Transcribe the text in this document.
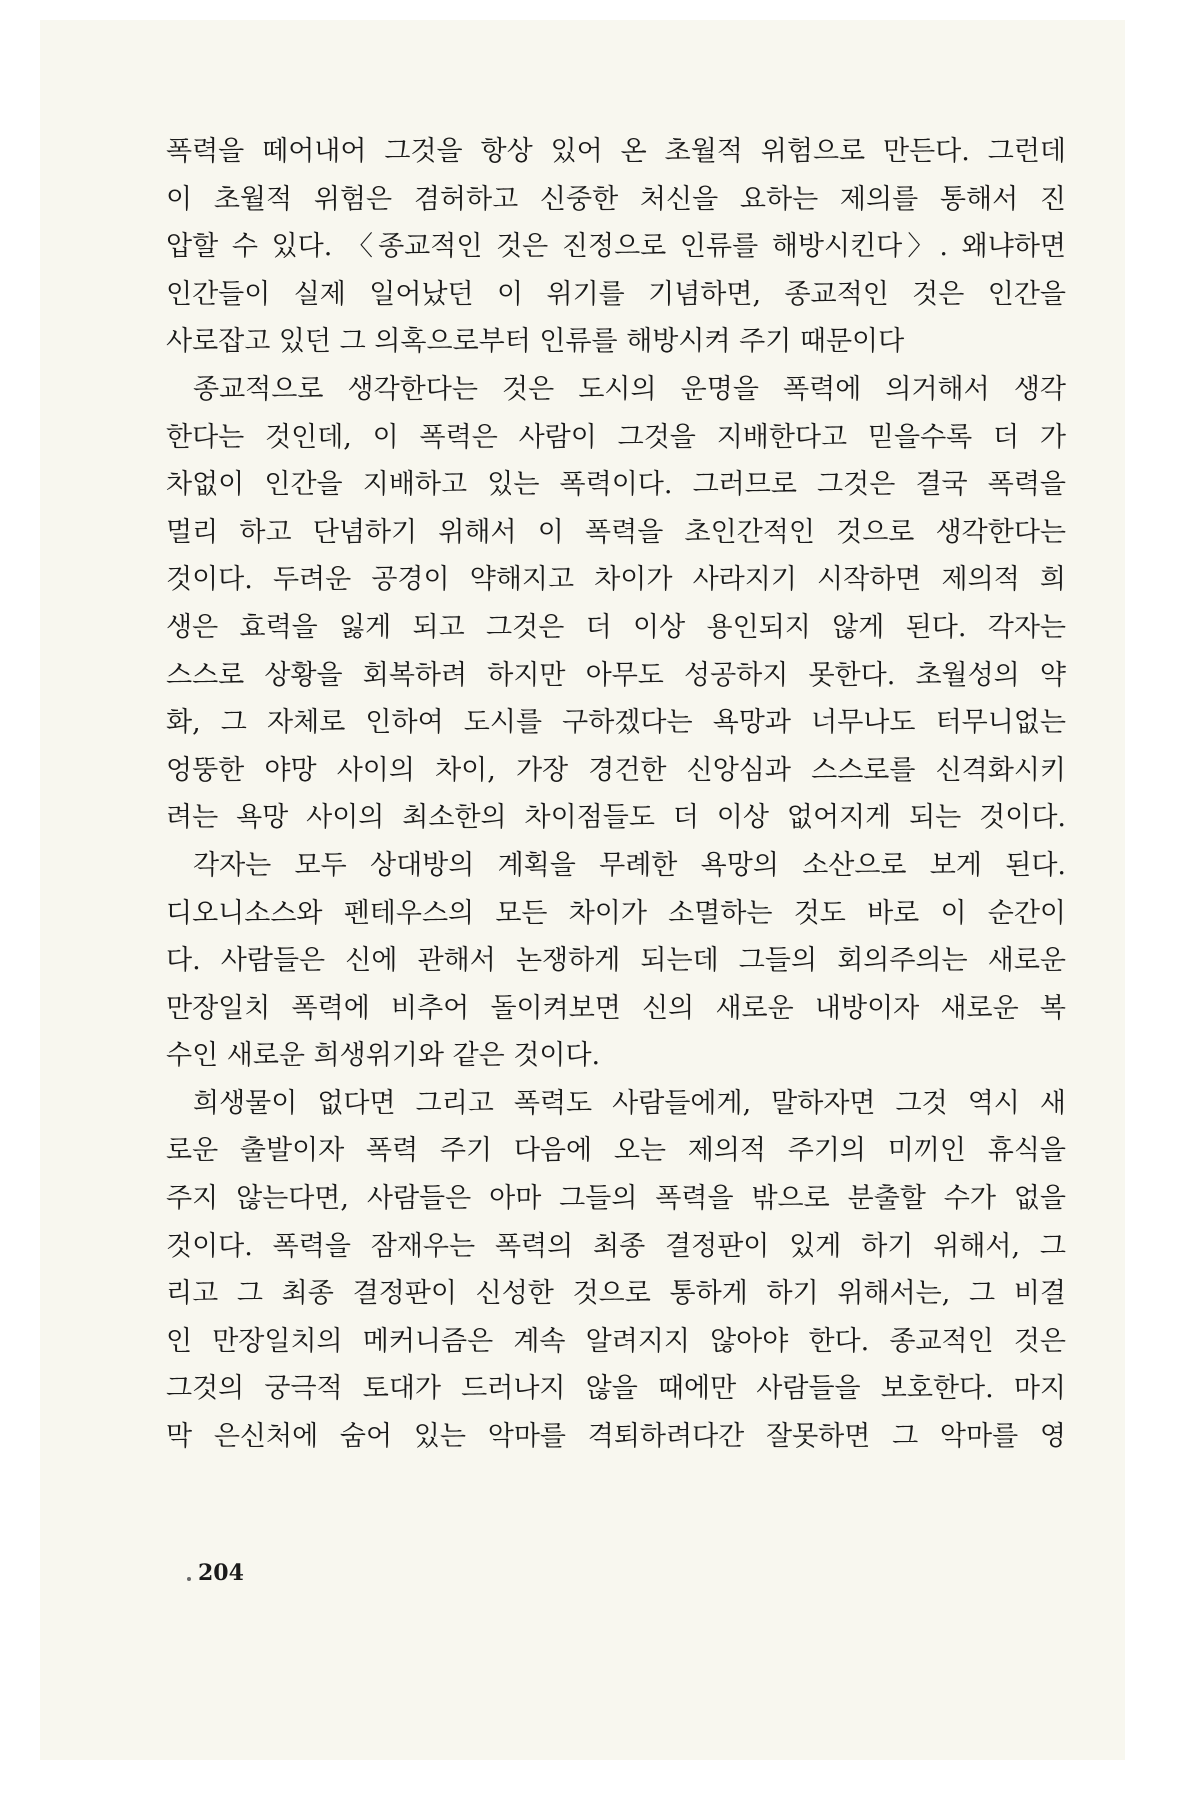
폭력을 떼어내어 그것을 항상 있어 온 초월적 위험으로 만든다. 그런데
이 초월적 위험은 겸허하고 신중한 처신을 요하는 제의를 통해서 진
압할 수 있다. 〈종교적인 것은 진정으로 인류를 해방시킨다〉. 왜냐하면
인간들이 실제 일어났던 이 위기를 기념하면, 종교적인 것은 인간을
사로잡고 있던 그 의혹으로부터 인류를 해방시켜 주기 때문이다

종교적으로 생각한다는 것은 도시의 운명을 폭력에 의거해서 생각
한다는 것인데, 이 폭력은 사람이 그것을 지배한다고 믿을수록 더 가
차없이 인간을 지배하고 있는 폭력이다. 그러므로 그것은 결국 폭력을
멀리 하고 단념하기 위해서 이 폭력을 초인간적인 것으로 생각한다는
것이다. 두려운 공경이 약해지고 차이가 사라지기 시작하면 제의적 희
생은 효력을 잃게 되고 그것은 더 이상 용인되지 않게 된다. 각자는
스스로 상황을 회복하려 하지만 아무도 성공하지 못한다. 초월성의 약
화, 그 자체로 인하여 도시를 구하겠다는 욕망과 너무나도 터무니없는
엉뚱한 야망 사이의 차이, 가장 경건한 신앙심과 스스로를 신격화시키
려는 욕망 사이의 최소한의 차이점들도 더 이상 없어지게 되는 것이다.

각자는 모두 상대방의 계획을 무례한 욕망의 소산으로 보게 된다.
디오니소스와 펜테우스의 모든 차이가 소멸하는 것도 바로 이 순간이
다. 사람들은 신에 관해서 논쟁하게 되는데 그들의 회의주의는 새로운
만장일치 폭력에 비추어 돌이켜보면 신의 새로운 내방이자 새로운 복
수인 새로운 희생위기와 같은 것이다.

희생물이 없다면 그리고 폭력도 사람들에게, 말하자면 그것 역시 새
로운 출발이자 폭력 주기 다음에 오는 제의적 주기의 미끼인 휴식을
주지 않는다면, 사람들은 아마 그들의 폭력을 밖으로 분출할 수가 없을
것이다. 폭력을 잠재우는 폭력의 최종 결정판이 있게 하기 위해서, 그
리고 그 최종 결정판이 신성한 것으로 통하게 하기 위해서는, 그 비결
인 만장일치의 메커니즘은 계속 알려지지 않아야 한다. 종교적인 것은
그것의 궁극적 토대가 드러나지 않을 때에만 사람들을 보호한다. 마지
막 은신처에 숨어 있는 악마를 격퇴하려다간 잘못하면 그 악마를 영

204
